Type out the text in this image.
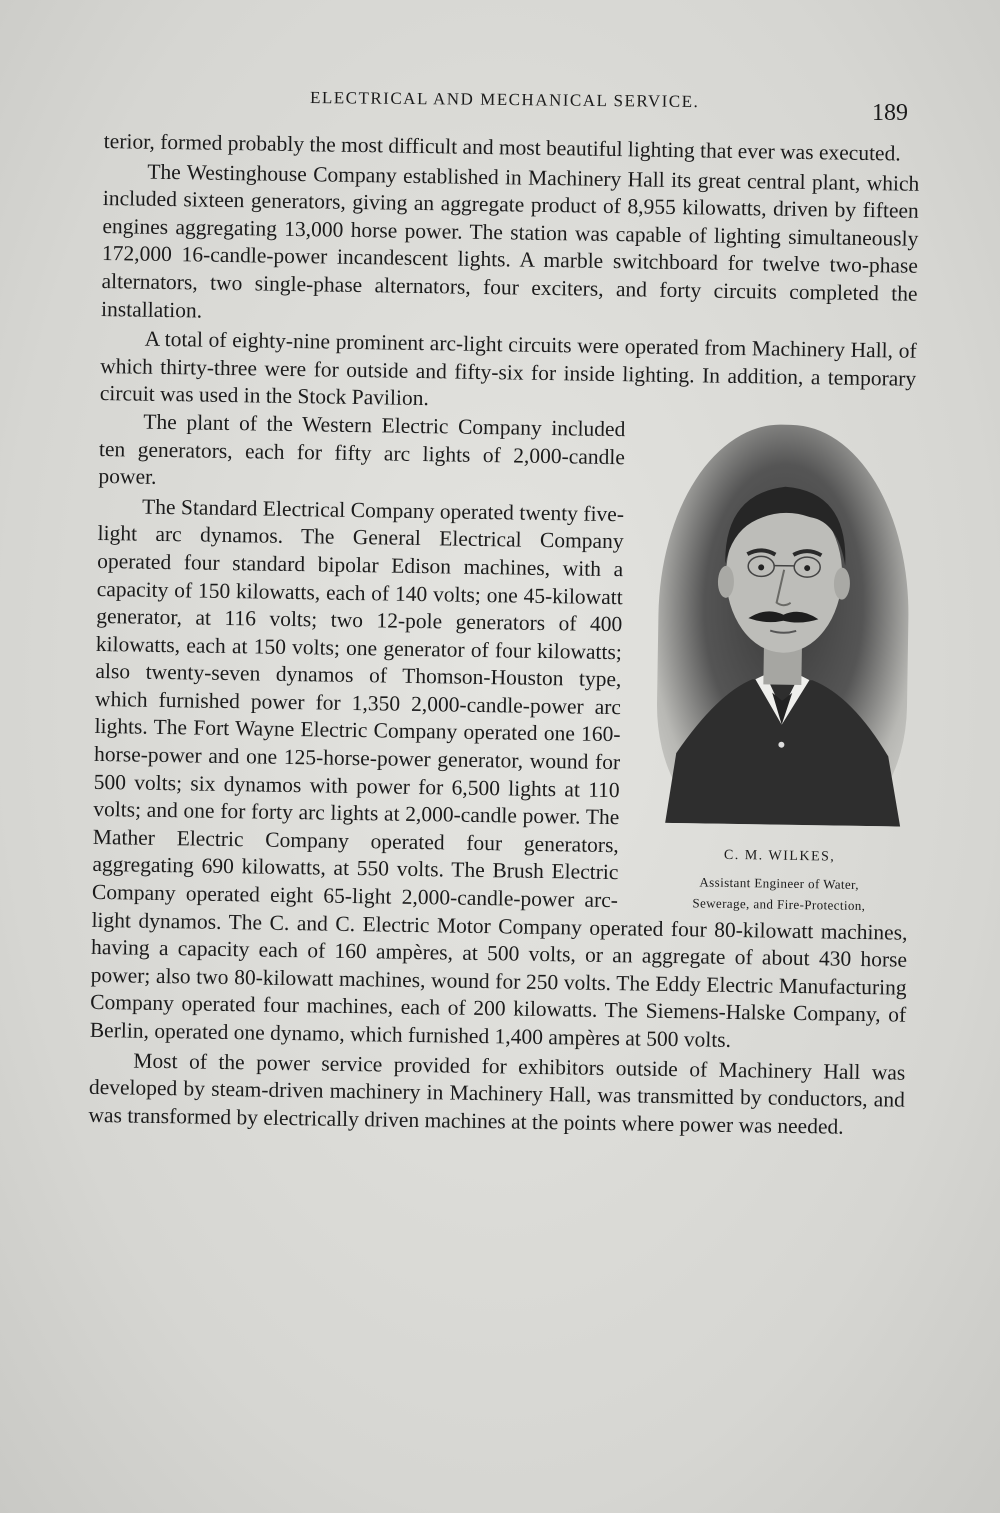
ELECTRICAL AND MECHANICAL SERVICE.
189

terior, formed probably the most difficult and most beautiful lighting that ever was executed.

The Westinghouse Company established in Machinery Hall its great central plant, which included sixteen generators, giving an aggregate product of 8,955 kilowatts, driven by fifteen engines aggregating 13,000 horse power. The station was capable of lighting simultaneously 172,000 16-candle-power incandescent lights. A marble switchboard for twelve two-phase alternators, two single-phase alternators, four exciters, and forty circuits completed the installation.

A total of eighty-nine prominent arc-light circuits were operated from Machinery Hall, of which thirty-three were for outside and fifty-six for inside lighting. In addition, a temporary circuit was used in the Stock Pavilion.

C. M. WILKES,
Assistant Engineer of Water,
Sewerage, and Fire-Protection,

The plant of the Western Electric Company included ten generators, each for fifty arc lights of 2,000-candle power.

The Standard Electrical Company operated twenty five-light arc dynamos. The General Electrical Company operated four standard bipolar Edison machines, with a capacity of 150 kilowatts, each of 140 volts; one 45-kilowatt generator, at 116 volts; two 12-pole generators of 400 kilowatts, each at 150 volts; one generator of four kilowatts; also twenty-seven dynamos of Thomson-Houston type, which furnished power for 1,350 2,000-candle-power arc lights. The Fort Wayne Electric Company operated one 160-horse-power and one 125-horse-power generator, wound for 500 volts; six dynamos with power for 6,500 lights at 110 volts; and one for forty arc lights at 2,000-candle power. The Mather Electric Company operated four generators, aggregating 690 kilowatts, at 550 volts. The Brush Electric Company operated eight 65-light 2,000-candle-power arc-light dynamos. The C. and C. Electric Motor Company operated four 80-kilowatt machines, having a capacity each of 160 ampères, at 500 volts, or an aggregate of about 430 horse power; also two 80-kilowatt machines, wound for 250 volts. The Eddy Electric Manufacturing Company operated four machines, each of 200 kilowatts. The Siemens-Halske Company, of Berlin, operated one dynamo, which furnished 1,400 ampères at 500 volts.

Most of the power service provided for exhibitors outside of Machinery Hall was developed by steam-driven machinery in Machinery Hall, was transmitted by conductors, and was transformed by electrically driven machines at the points where power was needed.
